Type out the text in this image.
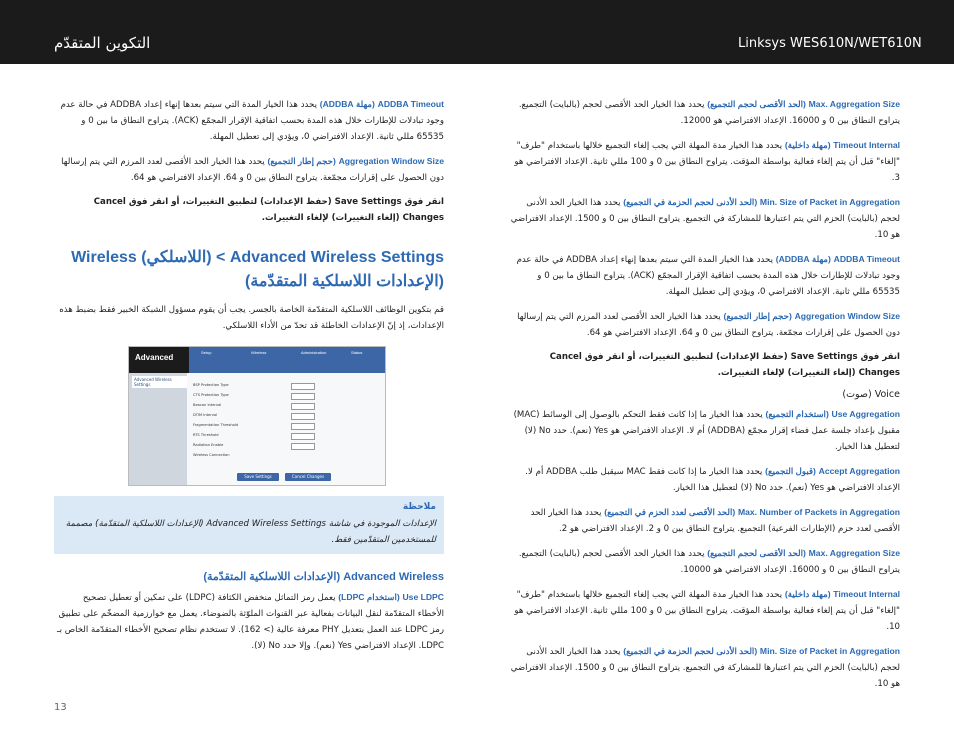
Linksys WES610N/WET610N
التكوين المتقدّم

Max. Aggregation Size (الحد الأقصى لحجم التجميع) يحدد هذا الخيار الحد الأقصى لحجم (بالبايت) التجميع. يتراوح النطاق بين 0 و 16000. الإعداد الافتراضي هو 12000.

Timeout Internal (مهلة داخلية) يحدد هذا الخيار مدة المهلة التي يجب إلغاء التجميع خلالها باستخدام "طرف" "إلغاء" قبل أن يتم إلغاء فعالية بواسطة المؤقت. يتراوح النطاق بين 0 و 100 مللي ثانية. الإعداد الافتراضي هو 3.

Min. Size of Packet in Aggregation (الحد الأدنى لحجم الحزمة في التجميع) يحدد هذا الخيار الحد الأدنى لحجم (بالبايت) الحزم التي يتم اعتبارها للمشاركة في التجميع. يتراوح النطاق بين 0 و 1500. الإعداد الافتراضي هو 10.

ADDBA Timeout (مهلة ADDBA) يحدد هذا الخيار المدة التي سيتم بعدها إنهاء إعداد ADDBA في حالة عدم وجود تبادلات للإطارات خلال هذه المدة بحسب اتفاقية الإقرار المجمّع (ACK). يتراوح النطاق ما بين 0 و 65535 مللي ثانية. الإعداد الافتراضي 0، ويؤدي إلى تعطيل المهلة.

Aggregation Window Size (حجم إطار التجميع) يحدد هذا الخيار الحد الأقصى لعدد المرزم التي يتم إرسالها دون الحصول على إقرارات مجمّعة. يتراوح النطاق بين 0 و 64. الإعداد الافتراضي هو 64.

انقر فوق Save Settings (حفظ الإعدادات) لتطبيق التغييرات، أو انقر فوق Cancel Changes (إلغاء التغييرات) لإلغاء التغييرات.

Voice (صوت)

Use Aggregation (استخدام التجميع) يحدد هذا الخيار ما إذا كانت فقط التحكم بالوصول إلى الوسائط (MAC) مقبول بإعداد جلسة عمل فضاء إقرار مجمّع (ADDBA) أم لا. الإعداد الافتراضي هو Yes (نعم). حدد No (لا) لتعطيل هذا الخيار.

Accept Aggregation (قبول التجميع) يحدد هذا الخيار ما إذا كانت فقط MAC سيقبل طلب ADDBA أم لا. الإعداد الافتراضي هو Yes (نعم). حدد No (لا) لتعطيل هذا الخيار.

Max. Number of Packets in Aggregation (الحد الأقصى لعدد الحزم في التجميع) يحدد هذا الخيار الحد الأقصى لعدد حزم (الإطارات الفرعية) التجميع. يتراوح النطاق بين 0 و 2. الإعداد الافتراضي هو 2.

Max. Aggregation Size (الحد الأقصى لحجم التجميع) يحدد هذا الخيار الحد الأقصى لحجم (بالبايت) التجميع. يتراوح النطاق بين 0 و 16000. الإعداد الافتراضي هو 10000.

Timeout Internal (مهلة داخلية) يحدد هذا الخيار مدة المهلة التي يجب إلغاء التجميع خلالها باستخدام "طرف" "إلغاء" قبل أن يتم إلغاء فعالية بواسطة المؤقت. يتراوح النطاق بين 0 و 100 مللي ثانية. الإعداد الافتراضي هو 10.

Min. Size of Packet in Aggregation (الحد الأدنى لحجم الحزمة في التجميع) يحدد هذا الخيار الحد الأدنى لحجم (بالبايت) الحزم التي يتم اعتبارها للمشاركة في التجميع. يتراوح النطاق بين 0 و 1500. الإعداد الافتراضي هو 10.

ADDBA Timeout (مهلة ADDBA) يحدد هذا الخيار المدة التي سيتم بعدها إنهاء إعداد ADDBA في حالة عدم وجود تبادلات للإطارات خلال هذه المدة بحسب اتفاقية الإقرار المجمّع (ACK). يتراوح النطاق ما بين 0 و 65535 مللي ثانية. الإعداد الافتراضي 0، ويؤدي إلى تعطيل المهلة.

Aggregation Window Size (حجم إطار التجميع) يحدد هذا الخيار الحد الأقصى لعدد المرزم التي يتم إرسالها دون الحصول على إقرارات مجمّعة. يتراوح النطاق بين 0 و 64. الإعداد الافتراضي هو 64.

انقر فوق Save Settings (حفظ الإعدادات) لتطبيق التغييرات، أو انقر فوق Cancel Changes (إلغاء التغييرات) لإلغاء التغييرات.

Advanced Wireless Settings > (اللاسلكي) Wireless
(الإعدادات اللاسلكية المتقدّمة)

قم بتكوين الوظائف اللاسلكية المتقدّمة الخاصة بالجسر. يجب أن يقوم مسؤول الشبكة الخبير فقط بضبط هذه الإعدادات، إذ إنّ الإعدادات الخاطئة قد تحدّ من الأداء اللاسلكي.

Advanced
Setup	Wireless	Administration	Status
Advanced Wireless Settings	BSP Protection Type
CTS Protection Type
Beacon Interval
DTIM Interval
Fragmentation Threshold
RTS Threshold
Radiation Enable
Wireless Connection
Save Settings	Cancel Changes
ملاحظة
الإعدادات الموجودة في شاشة Advanced Wireless Settings (الإعدادات اللاسلكية المتقدّمة) مصممة للمستخدمين المتقدّمين فقط.
Advanced Wireless (الإعدادات اللاسلكية المتقدّمة)

Use LDPC (استخدام LDPC) يعمل رمز التماثل منخفض الكثافة (LDPC) على تمكين أو تعطيل تصحيح الأخطاء المتقدّمة لنقل البيانات بفعالية عبر القنوات الملوّثة بالضوضاء. يعمل مع خوارزمية المضخّم على تطبيق رمز LDPC عند العمل بتعديل PHY معرفة عالية (> 162). لا تستخدم نظام تصحيح الأخطاء المتقدّمة الخاص بـ LDPC. الإعداد الافتراضي Yes (نعم). وإلا حدد No (لا).

13
